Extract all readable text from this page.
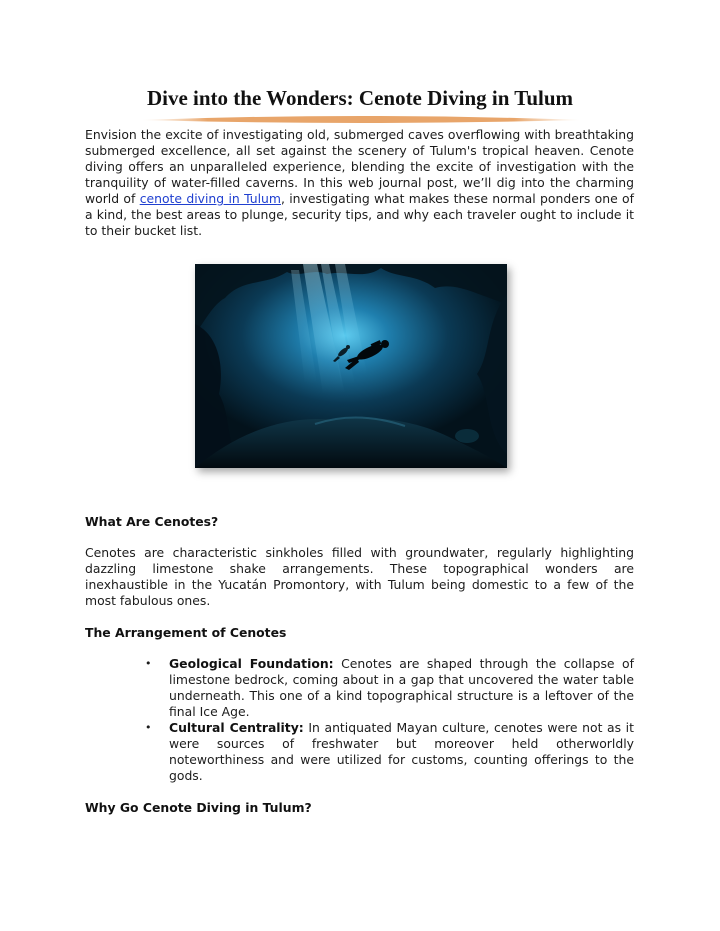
Dive into the Wonders: Cenote Diving in Tulum

Envision the excite of investigating old, submerged caves overflowing with breathtaking submerged excellence, all set against the scenery of Tulum's tropical heaven. Cenote diving offers an unparalleled experience, blending the excite of investigation with the tranquility of water-filled caverns. In this web journal post, we’ll dig into the charming world of cenote diving in Tulum, investigating what makes these normal ponders one of a kind, the best areas to plunge, security tips, and why each traveler ought to include it to their bucket list.

What Are Cenotes?

Cenotes are characteristic sinkholes filled with groundwater, regularly highlighting dazzling limestone shake arrangements. These topographical wonders are inexhaustible in the Yucatán Promontory, with Tulum being domestic to a few of the most fabulous ones.

The Arrangement of Cenotes
• Geological Foundation: Cenotes are shaped through the collapse of limestone bedrock, coming about in a gap that uncovered the water table underneath. This one of a kind topographical structure is a leftover of the final Ice Age.
• Cultural Centrality: In antiquated Mayan culture, cenotes were not as it were sources of freshwater but moreover held otherworldly noteworthiness and were utilized for customs, counting offerings to the gods.
Why Go Cenote Diving in Tulum?
